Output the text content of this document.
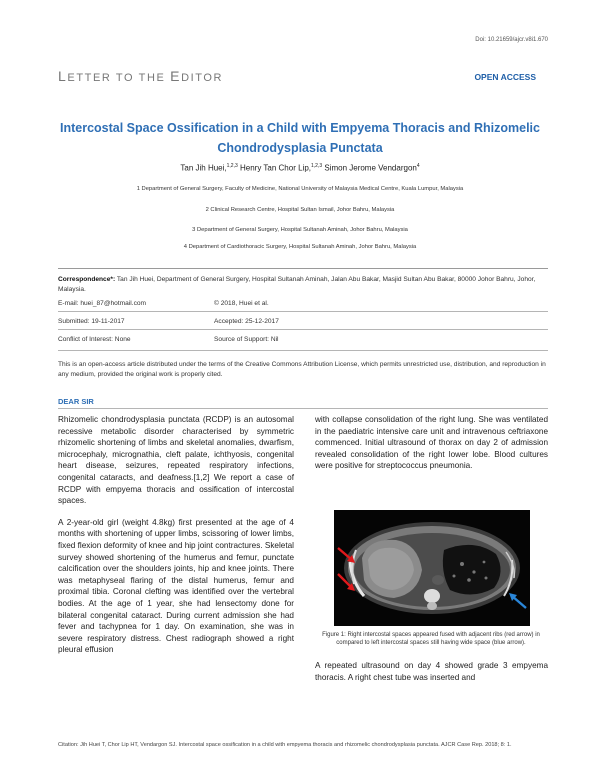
Doi: 10.21659/ajcr.v8i1.670
LETTER TO THE EDITOR	OPEN ACCESS
Intercostal Space Ossification in a Child with Empyema Thoracis and Rhizomelic Chondrodysplasia Punctata
Tan Jih Huei,$^{1,2,3}$ Henry Tan Chor Lip,$^{1,2,3}$ Simon Jerome Vendargon$^4$
1 Department of General Surgery, Faculty of Medicine, National University of Malaysia Medical Centre, Kuala Lumpur, Malaysia
2 Clinical Research Centre, Hospital Sultan Ismail, Johor Bahru, Malaysia
3 Department of General Surgery, Hospital Sultanah Aminah, Johor Bahru, Malaysia
4 Department of Cardiothoracic Surgery, Hospital Sultanah Aminah, Johor Bahru, Malaysia
Correspondence*: Tan Jih Huei, Department of General Surgery, Hospital Sultanah Aminah, Jalan Abu Bakar, Masjid Sultan Abu Bakar, 80000 Johor Bahru, Johor, Malaysia.
E-mail: huei_87@hotmail.com	© 2018, Huei et al.
Submitted: 19-11-2017	Accepted: 25-12-2017
Conflict of Interest: None	Source of Support: Nil
This is an open-access article distributed under the terms of the Creative Commons Attribution License, which permits unrestricted use, distribution, and reproduction in any medium, provided the original work is properly cited.
DEAR SIR

Rhizomelic chondrodysplasia punctata (RCDP) is an autosomal recessive metabolic disorder characterised by symmetric rhizomelic shortening of limbs and skeletal anomalies, dwarfism, microcephaly, micrognathia, cleft palate, ichthyosis, congenital heart disease, seizures, repeated respiratory infections, congenital cataracts, and deafness.[1,2] We report a case of RCDP with empyema thoracis and ossification of intercostal spaces.

A 2-year-old girl (weight 4.8kg) first presented at the age of 4 months with shortening of upper limbs, scissoring of lower limbs, fixed flexion deformity of knee and hip joint contractures. Skeletal survey showed shortening of the humerus and femur, punctate calcification over the shoulders joints, hip and knee joints. There was metaphyseal flaring of the distal humerus, femur and proximal tibia. Coronal clefting was identified over the vertebral bodies. At the age of 1 year, she had lensectomy done for bilateral congenital cataract. During current admission she had fever and tachypnea for 1 day. On examination, she was in severe respiratory distress. Chest radiograph showed a right pleural effusion

with collapse consolidation of the right lung. She was ventilated in the paediatric intensive care unit and intravenous ceftriaxone commenced. Initial ultrasound of thorax on day 2 of admission revealed consolidation of the right lower lobe. Blood cultures were positive for streptococcus pneumonia.

Figure 1: Right intercostal spaces appeared fused with adjacent ribs (red arrow) in compared to left intercostal spaces still having wide space (blue arrow).

A repeated ultrasound on day 4 showed grade 3 empyema thoracis. A right chest tube was inserted and

Citation: Jih Huei T, Chor Lip HT, Vendargon SJ. Intercostal space ossification in a child with empyema thoracis and rhizomelic chondrodysplasia punctata. AJCR Case Rep. 2018; 8: 1.
